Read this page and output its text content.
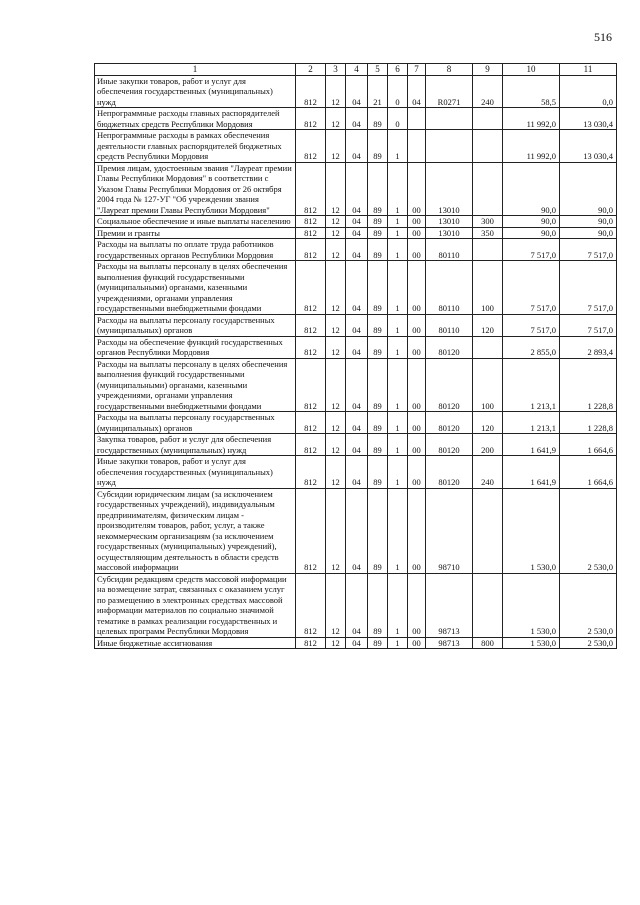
516
1	2	3	4	5	6	7	8	9	10	11
Иные закупки товаров, работ и услуг для обеспечения государственных (муниципальных) нужд	812	12	04	21	0	04	R0271	240	58,5	0,0
Непрограммные расходы главных распорядителей бюджетных средств Республики Мордовия	812	12	04	89	0				11 992,0	13 030,4
Непрограммные расходы в рамках обеспечения деятельности главных распорядителей бюджетных средств Республики Мордовия	812	12	04	89	1				11 992,0	13 030,4
Премия лицам, удостоенным звания "Лауреат премии Главы Республики Мордовия" в соответствии с Указом Главы Республики Мордовия от 26 октября 2004 года № 127-УГ "Об учреждении звания "Лауреат премии Главы Республики Мордовия"	812	12	04	89	1	00	13010		90,0	90,0
Социальное обеспечение и иные выплаты населению	812	12	04	89	1	00	13010	300	90,0	90,0
Премии и гранты	812	12	04	89	1	00	13010	350	90,0	90,0
Расходы на выплаты по оплате труда работников государственных органов Республики Мордовия	812	12	04	89	1	00	80110		7 517,0	7 517,0
Расходы на выплаты персоналу в целях обеспечения выполнения функций государственными (муниципальными) органами, казенными учреждениями, органами управления государственными внебюджетными фондами	812	12	04	89	1	00	80110	100	7 517,0	7 517,0
Расходы на выплаты персоналу государственных (муниципальных) органов	812	12	04	89	1	00	80110	120	7 517,0	7 517,0
Расходы на обеспечение функций государственных органов Республики Мордовия	812	12	04	89	1	00	80120		2 855,0	2 893,4
Расходы на выплаты персоналу в целях обеспечения выполнения функций государственными (муниципальными) органами, казенными учреждениями, органами управления государственными внебюджетными фондами	812	12	04	89	1	00	80120	100	1 213,1	1 228,8
Расходы на выплаты персоналу государственных (муниципальных) органов	812	12	04	89	1	00	80120	120	1 213,1	1 228,8
Закупка товаров, работ и услуг для обеспечения государственных (муниципальных) нужд	812	12	04	89	1	00	80120	200	1 641,9	1 664,6
Иные закупки товаров, работ и услуг для обеспечения государственных (муниципальных) нужд	812	12	04	89	1	00	80120	240	1 641,9	1 664,6
Субсидии юридическим лицам (за исключением государственных учреждений), индивидуальным предпринимателям, физическим лицам - производителям товаров, работ, услуг, а также некоммерческим организациям (за исключением государственных (муниципальных) учреждений), осуществляющим деятельность в области средств массовой информации	812	12	04	89	1	00	98710		1 530,0	2 530,0
Субсидии редакциям средств массовой информации на возмещение затрат, связанных с оказанием услуг по размещению в электронных средствах массовой информации материалов по социально значимой тематике в рамках реализации государственных и целевых программ Республики Мордовия	812	12	04	89	1	00	98713		1 530,0	2 530,0
Иные бюджетные ассигнования	812	12	04	89	1	00	98713	800	1 530,0	2 530,0
